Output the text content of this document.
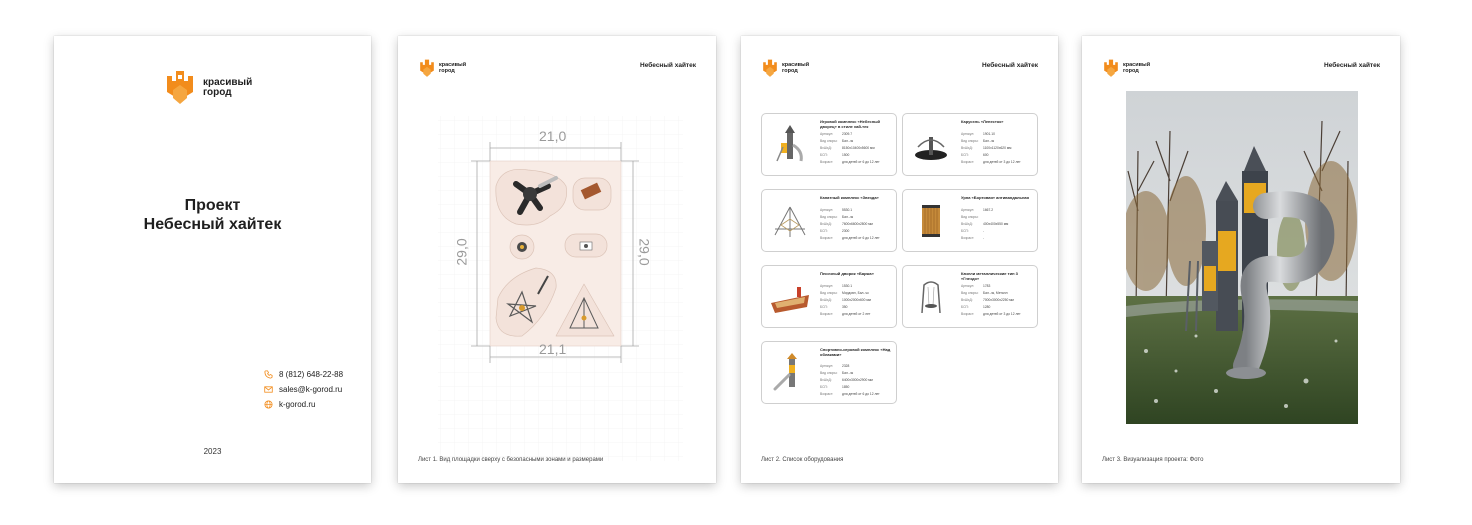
красивый
город
Проект
Небесный хайтек
8 (812) 648-22-88
sales@k-gorod.ru
k-gorod.ru
2023
красивый
город
Небесный хайтек
21,0
21,1
29,0	29,0
Лист 1. Вид площадки сверху с безопасными зонами и размерами
красивый
город
Небесный хайтек
Игровой комплекс «Небесный дворец» в стиле хай-тек
Артикул:	2309.7
Вид опоры: Бал.-чк
ВхШхД:	8150х10400х5600 мм
БСП:	1500
Возраст:	для детей от 6 до 12 лет
Карусель «Лепесток»
Артикул:	1901.10
Вид опоры: Бал.-чк
ВхШхД:	1100х1120х620 мм
БСП:	600
Возраст:	для детей от 3 до 12 лет
Канатный комплекс «Звезда»
Артикул:	5530.1
Вид опоры: Бал.-чк
ВхШхД:	7600х6600х2800 мм
БСП:	2300
Возраст:	для детей от 6 до 12 лет
Урна «Бортовая» антивандальная
Артикул:	1667.2
Вид опоры:
ВхШхД:	400х400х550 мм
БСП:	-
Возраст:	-
Песочный дворик «Баржа»
Артикул:	1530.1
Вид опоры: Мордовл, Бал.-чк
ВхШхД:	1000х2000х600 мм
БСП:	350
Возраст:	для детей от 2 лет
Качели металлические тип 3 «Гнездо»
Артикул:	1783
Вид опоры: Бал.-чк, Металл
ВхШхД:	7000х3000х2250 мм
БСП:	1280
Возраст:	для детей от 3 до 12 лет
Спортивно-игровой комплекс «Над облаками»
Артикул:	2328
Вид опоры: Бал.-чк
ВхШхД:	6400х3000х2900 мм
БСП:	1850
Возраст:	для детей от 6 до 12 лет
Лист 2. Список оборудования
красивый
город
Небесный хайтек
Лист 3. Визуализация проекта: Фото
